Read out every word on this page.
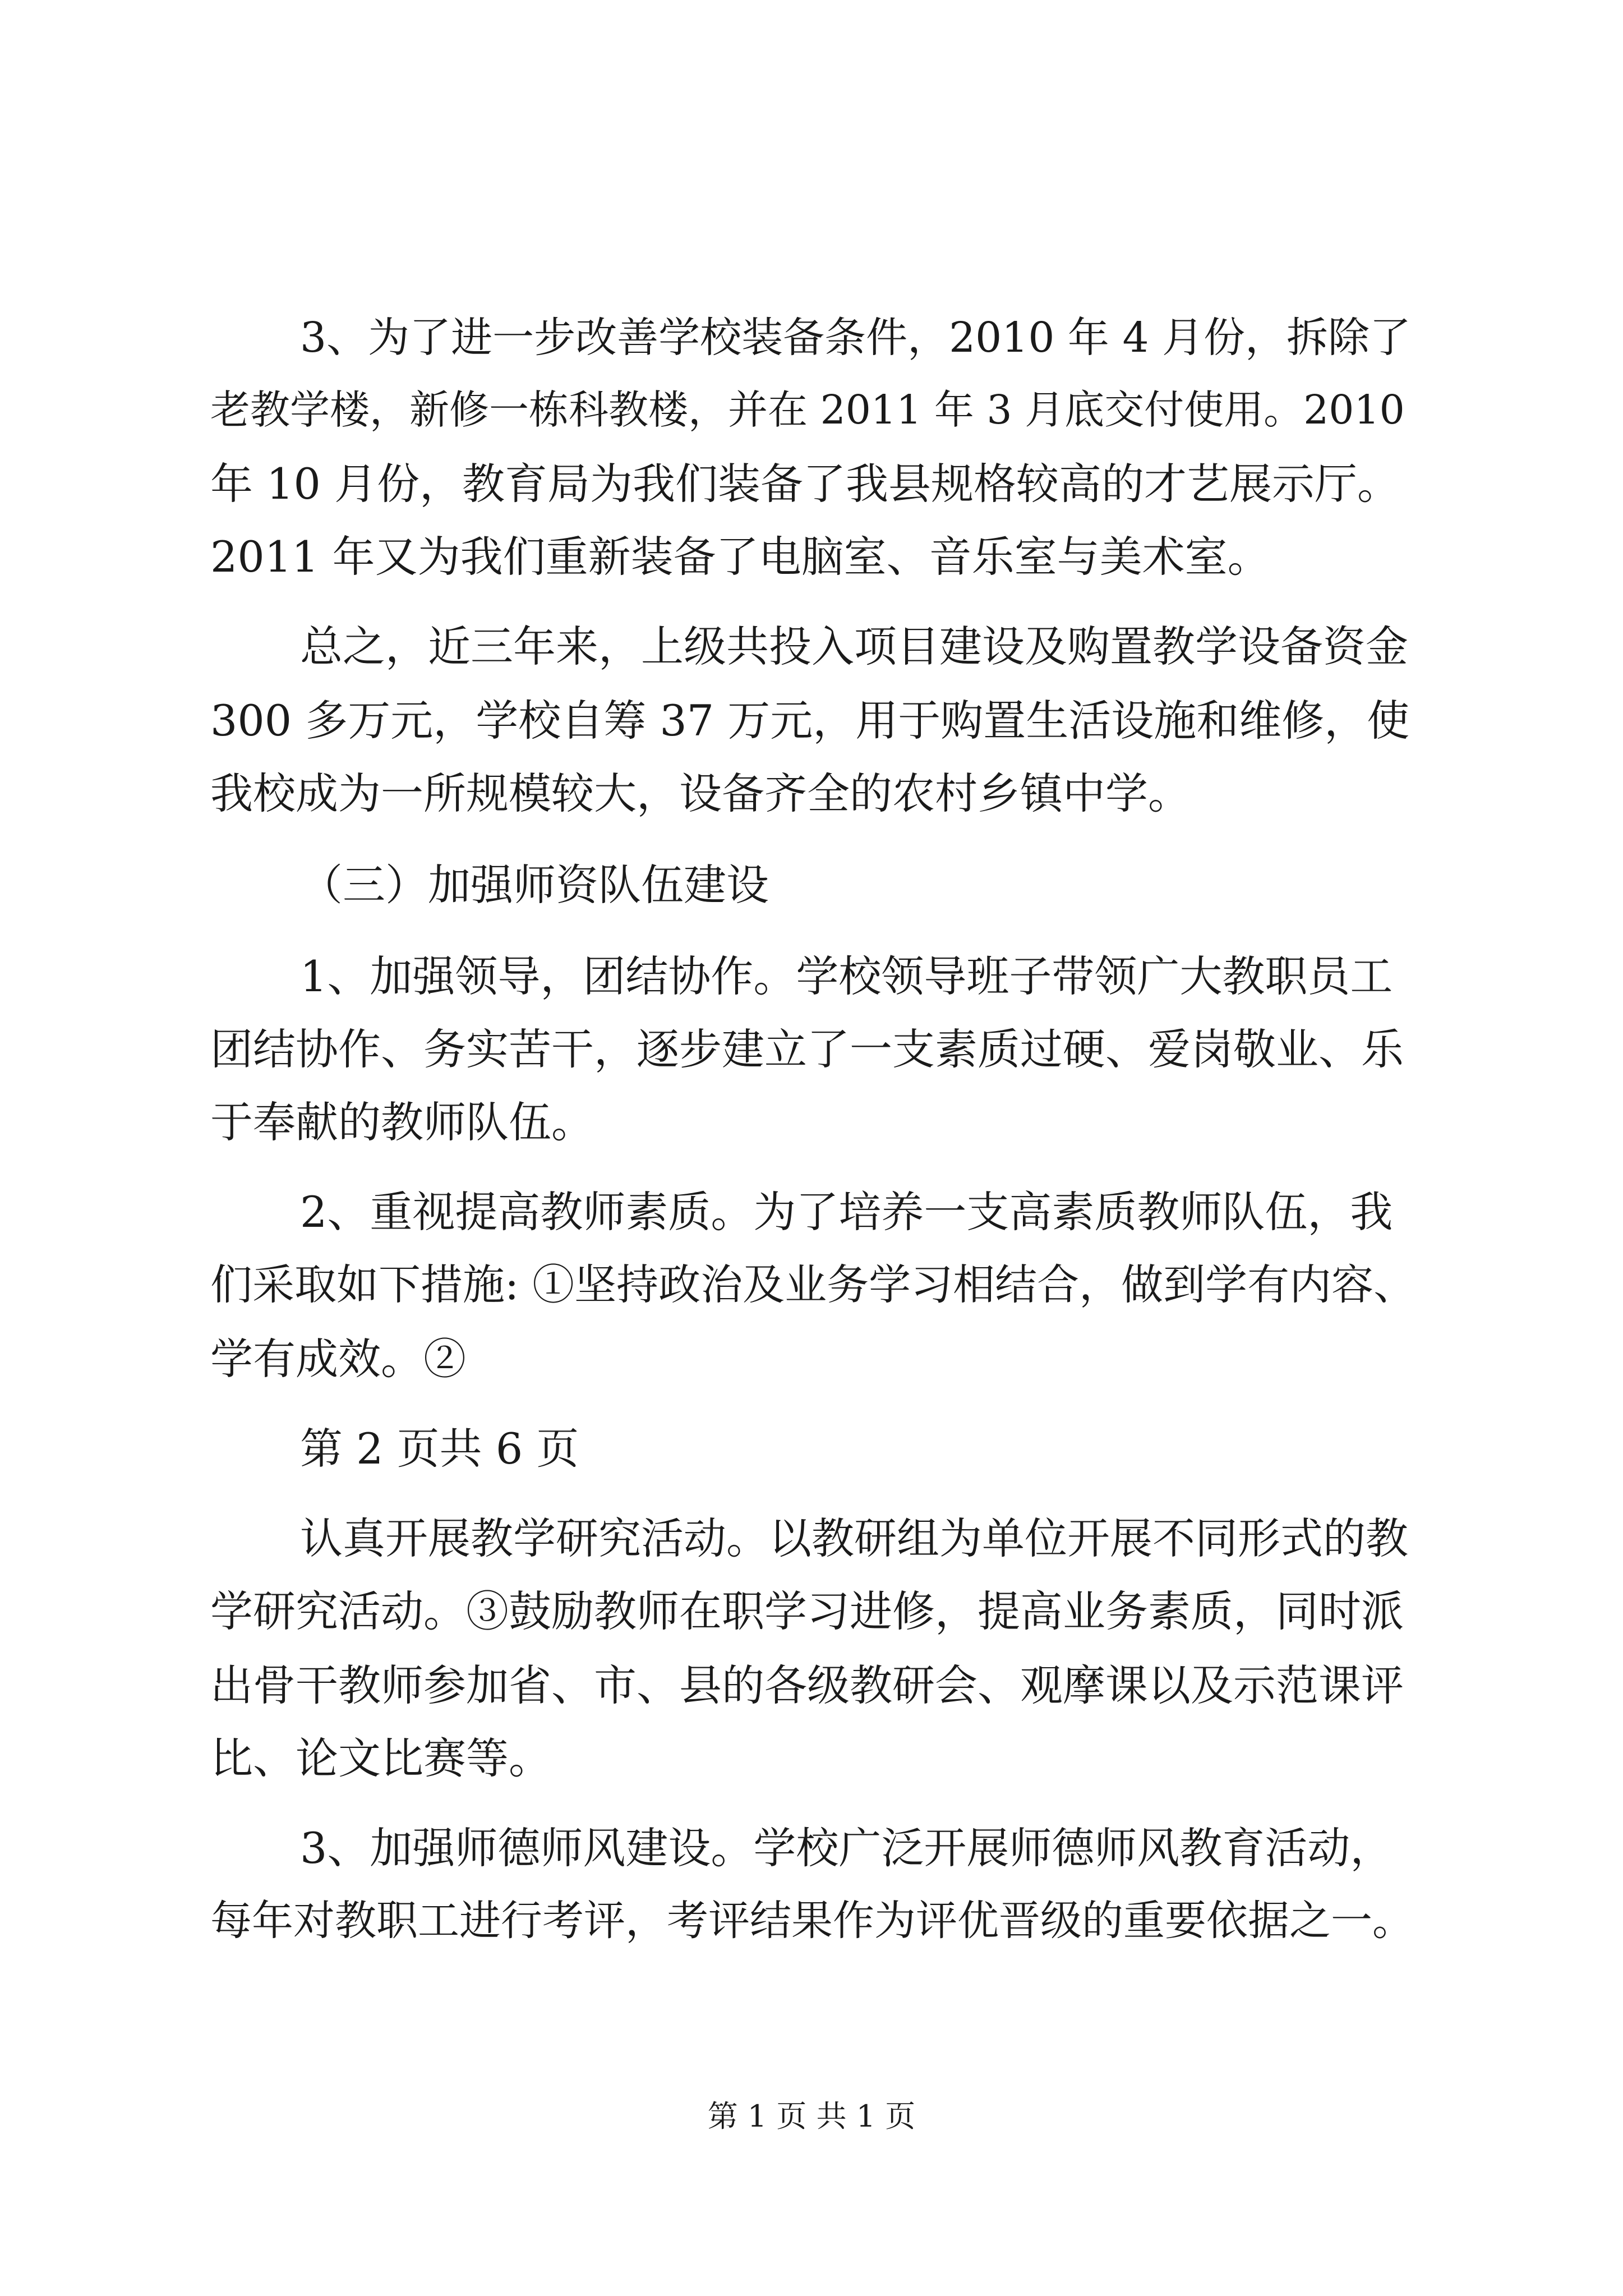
3、为了进一步改善学校装备条件，2010 年 4 月份，拆除了
老教学楼，新修一栋科教楼，并在 2011 年 3 月底交付使用。2010
年 10 月份，教育局为我们装备了我县规格较高的才艺展示厅。
2011 年又为我们重新装备了电脑室、音乐室与美术室。
总之，近三年来，上级共投入项目建设及购置教学设备资金
300 多万元，学校自筹 37 万元，用于购置生活设施和维修，使
我校成为一所规模较大，设备齐全的农村乡镇中学。
（三）加强师资队伍建设
1、加强领导，团结协作。学校领导班子带领广大教职员工
团结协作、务实苦干，逐步建立了一支素质过硬、爱岗敬业、乐
于奉献的教师队伍。
2、重视提高教师素质。为了培养一支高素质教师队伍，我
们采取如下措施: ①坚持政治及业务学习相结合，做到学有内容、
学有成效。②
第 2 页共 6 页
认真开展教学研究活动。以教研组为单位开展不同形式的教
学研究活动。③鼓励教师在职学习进修，提高业务素质，同时派
出骨干教师参加省、市、县的各级教研会、观摩课以及示范课评
比、论文比赛等。
3、加强师德师风建设。学校广泛开展师德师风教育活动，
每年对教职工进行考评，考评结果作为评优晋级的重要依据之一。
第 1 页 共 1 页
